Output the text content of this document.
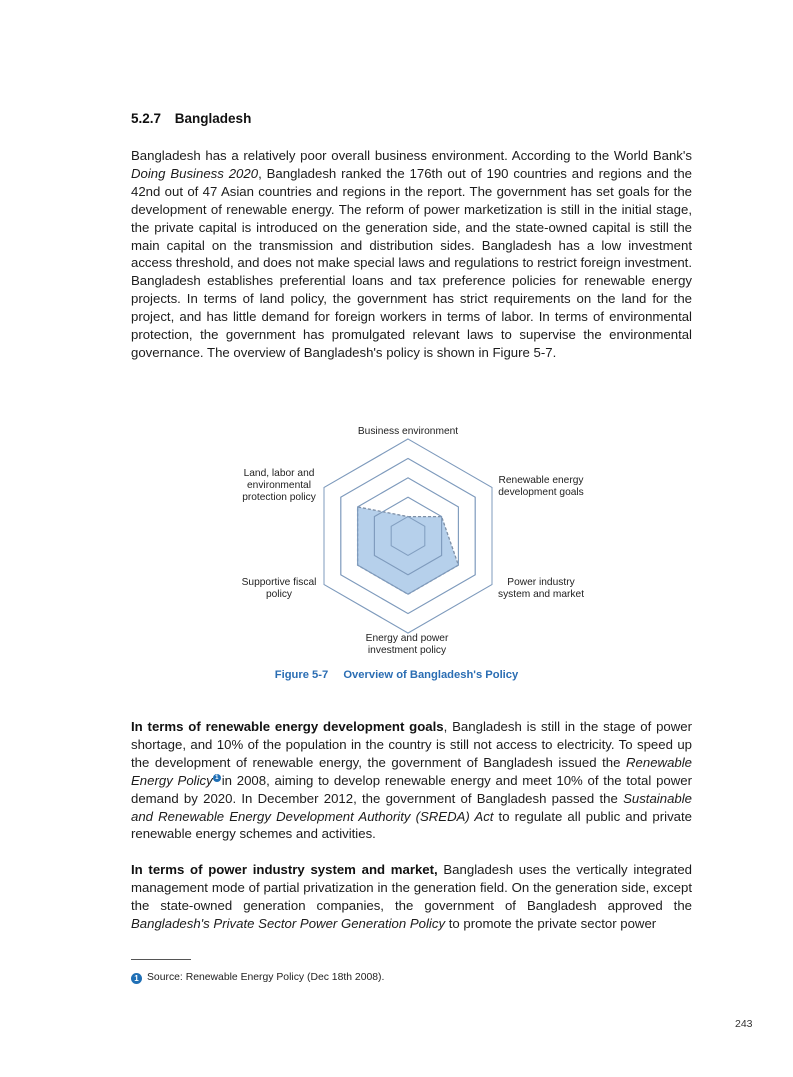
5.2.7 Bangladesh
Bangladesh has a relatively poor overall business environment. According to the World Bank's Doing Business 2020, Bangladesh ranked the 176th out of 190 countries and regions and the 42nd out of 47 Asian countries and regions in the report. The government has set goals for the development of renewable energy. The reform of power marketization is still in the initial stage, the private capital is introduced on the generation side, and the state-owned capital is still the main capital on the transmission and distribution sides. Bangladesh has a low investment access threshold, and does not make special laws and regulations to restrict foreign investment. Bangladesh establishes preferential loans and tax preference policies for renewable energy projects. In terms of land policy, the government has strict requirements on the land for the project, and has little demand for foreign workers in terms of labor. In terms of environmental protection, the government has promulgated relevant laws to supervise the environmental governance. The overview of Bangladesh's policy is shown in Figure 5-7.
Business environment
Renewable energy
development goals
Power industry
system and market
Energy and power
investment policy
Supportive fiscal
policy
Land, labor and
environmental
protection policy
Figure 5-7 Overview of Bangladesh's Policy
In terms of renewable energy development goals, Bangladesh is still in the stage of power shortage, and 10% of the population in the country is still not access to electricity. To speed up the development of renewable energy, the government of Bangladesh issued the Renewable Energy Policy 1 in 2008, aiming to develop renewable energy and meet 10% of the total power demand by 2020. In December 2012, the government of Bangladesh passed the Sustainable and Renewable Energy Development Authority (SREDA) Act to regulate all public and private renewable energy schemes and activities.
In terms of power industry system and market, Bangladesh uses the vertically integrated management mode of partial privatization in the generation field. On the generation side, except the state-owned generation companies, the government of Bangladesh approved the Bangladesh's Private Sector Power Generation Policy to promote the private sector power
1 Source: Renewable Energy Policy (Dec 18th 2008).
243
